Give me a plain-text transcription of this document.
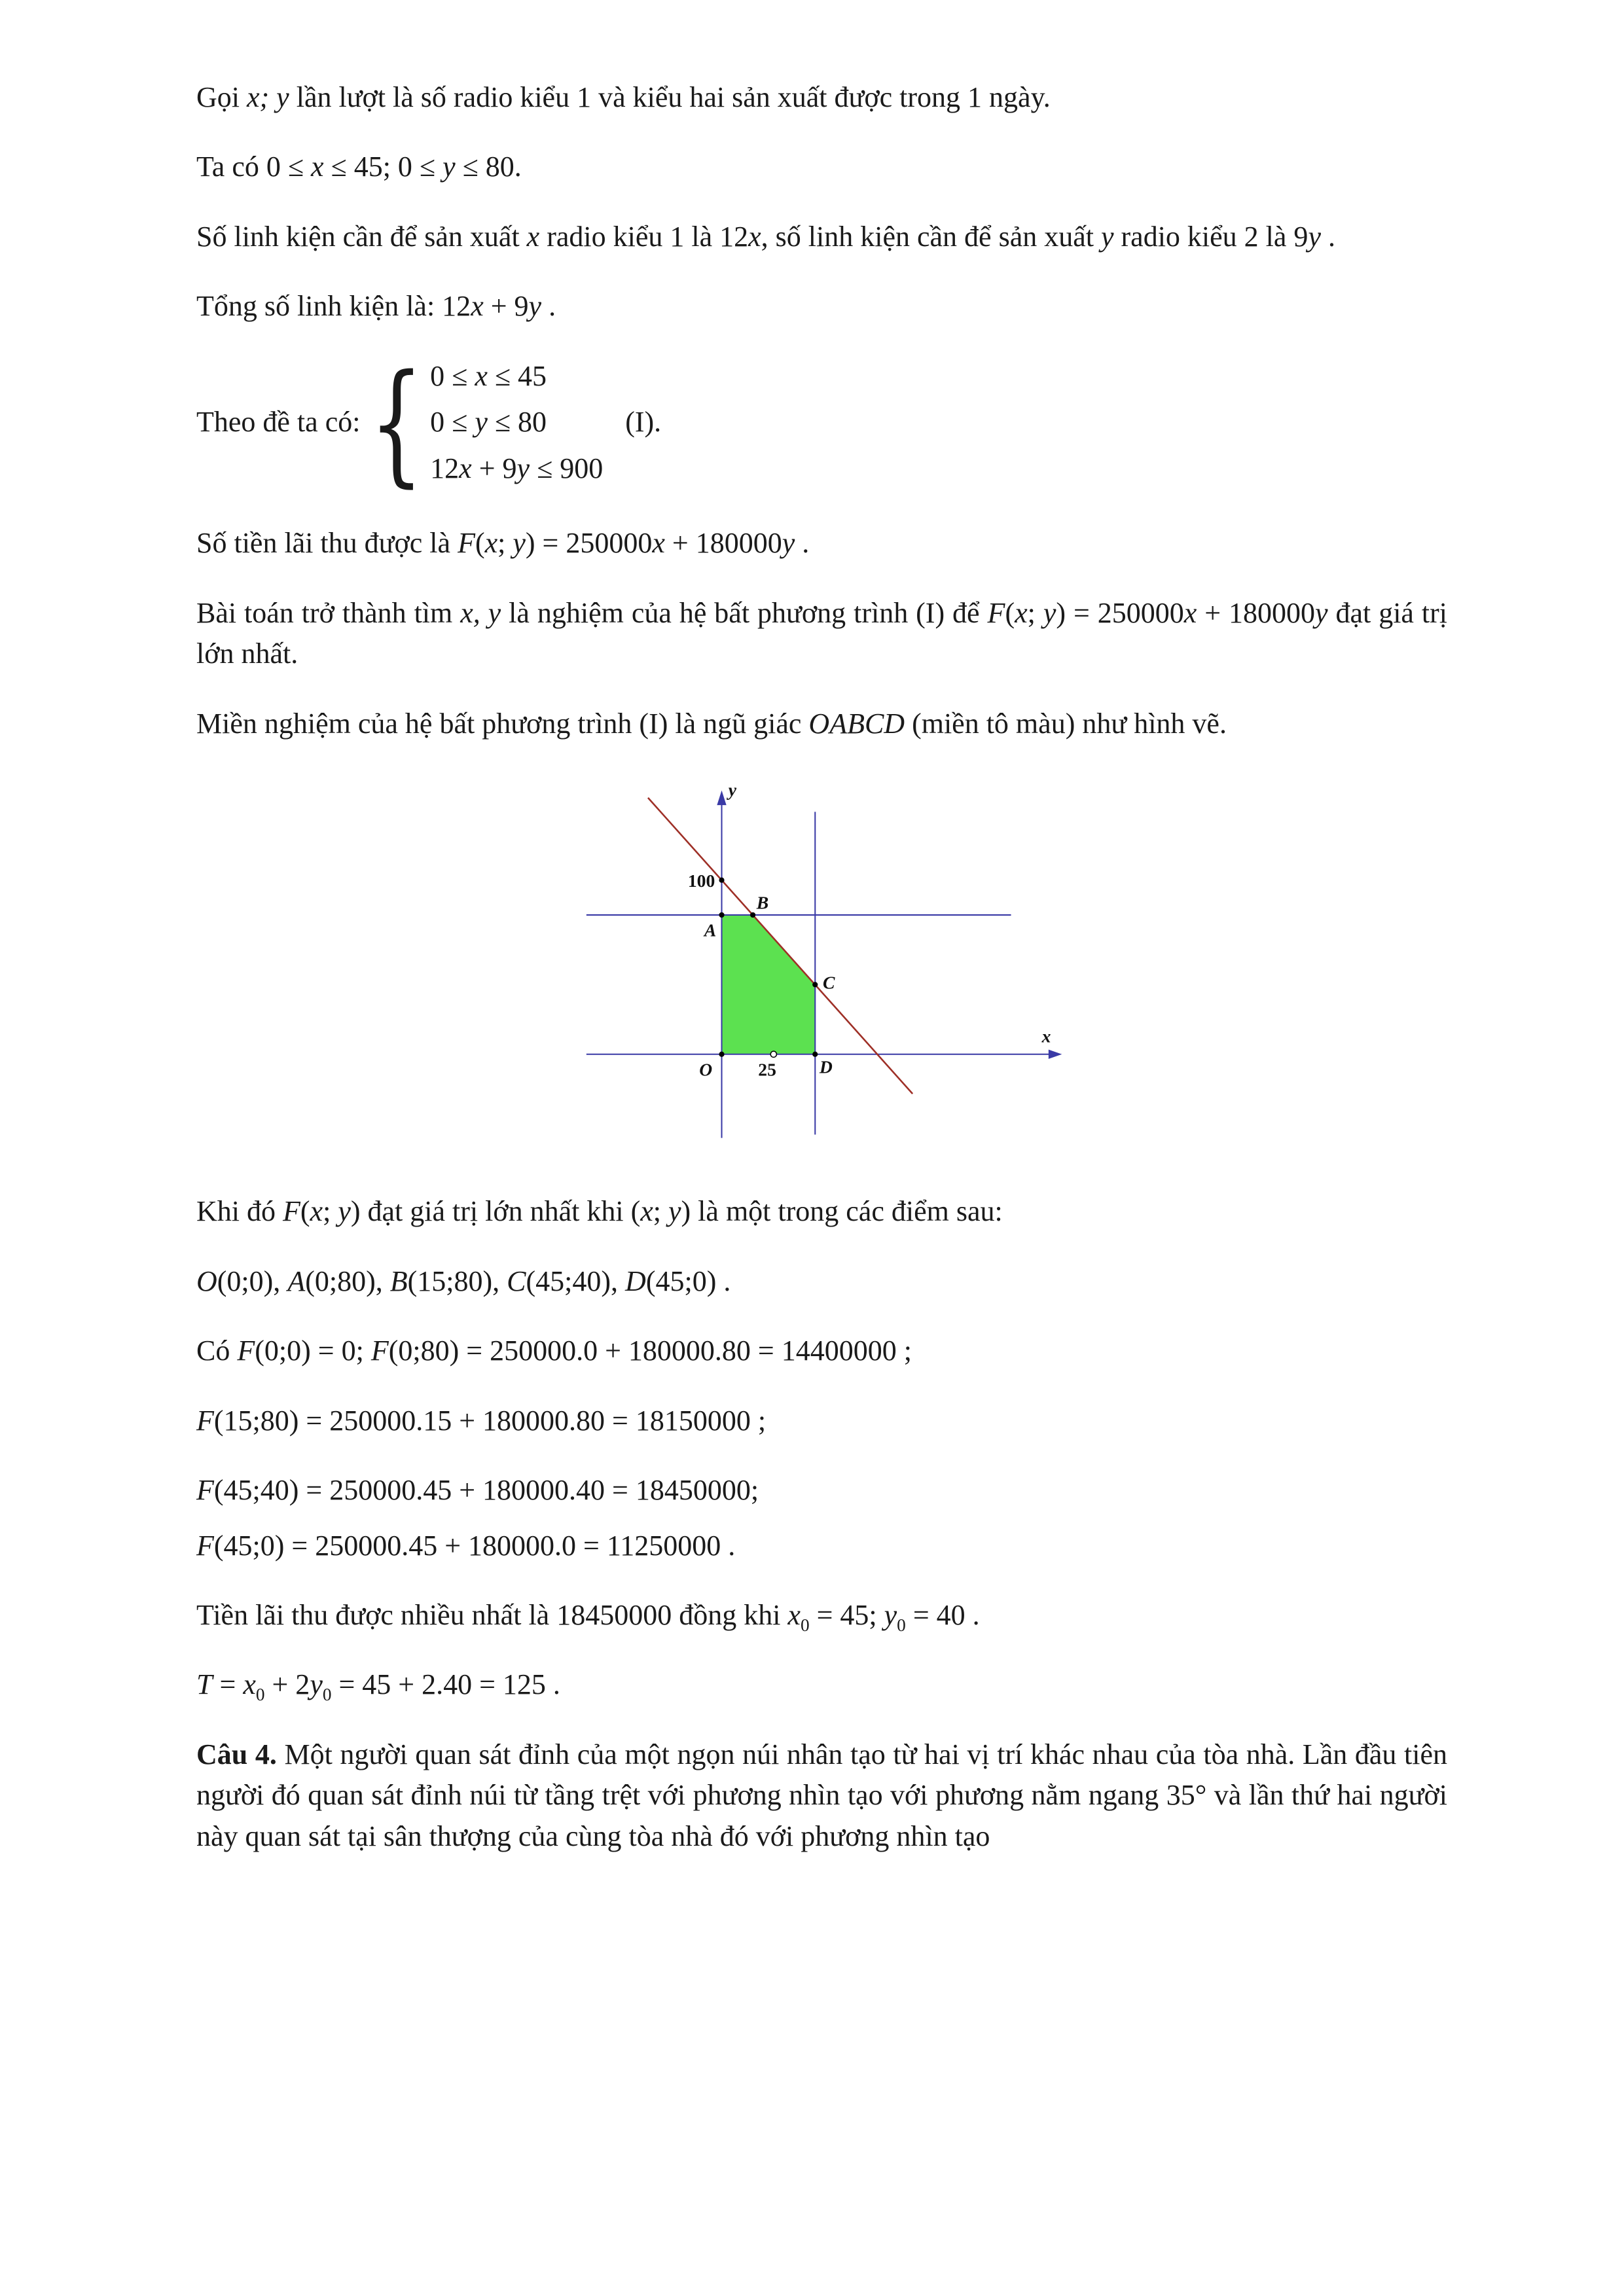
Gọi x; y lần lượt là số radio kiểu 1 và kiểu hai sản xuất được trong 1 ngày.

Ta có 0 ≤ x ≤ 45; 0 ≤ y ≤ 80.

Số linh kiện cần để sản xuất x radio kiểu 1 là 12x, số linh kiện cần để sản xuất y radio kiểu 2 là 9y .

Tổng số linh kiện là: 12x + 9y .

Theo đề ta có: { 0 ≤ x ≤ 45
0 ≤ y ≤ 80
12x + 9y ≤ 900
(I).

Số tiền lãi thu được là F(x; y) = 250000x + 180000y .

Bài toán trở thành tìm x, y là nghiệm của hệ bất phương trình (I) để F(x; y) = 250000x + 180000y đạt giá trị lớn nhất.

Miền nghiệm của hệ bất phương trình (I) là ngũ giác OABCD (miền tô màu) như hình vẽ.

y
x
100
B
A
C
D
O	25

Khi đó F(x; y) đạt giá trị lớn nhất khi (x; y) là một trong các điểm sau:

O(0;0), A(0;80), B(15;80), C(45;40), D(45;0) .

Có F(0;0) = 0; F(0;80) = 250000.0 + 180000.80 = 14400000 ;

F(15;80) = 250000.15 + 180000.80 = 18150000 ;

F(45;40) = 250000.45 + 180000.40 = 18450000;

F(45;0) = 250000.45 + 180000.0 = 11250000 .

Tiền lãi thu được nhiều nhất là 18450000 đồng khi $x_0 = 45$; $y_0 = 40$ .

$T = x_0 + 2y_0 = 45 + 2.40 = 125$ .

Câu 4. Một người quan sát đỉnh của một ngọn núi nhân tạo từ hai vị trí khác nhau của tòa nhà. Lần đầu tiên người đó quan sát đỉnh núi từ tầng trệt với phương nhìn tạo với phương nằm ngang 35° và lần thứ hai người này quan sát tại sân thượng của cùng tòa nhà đó với phương nhìn tạo
